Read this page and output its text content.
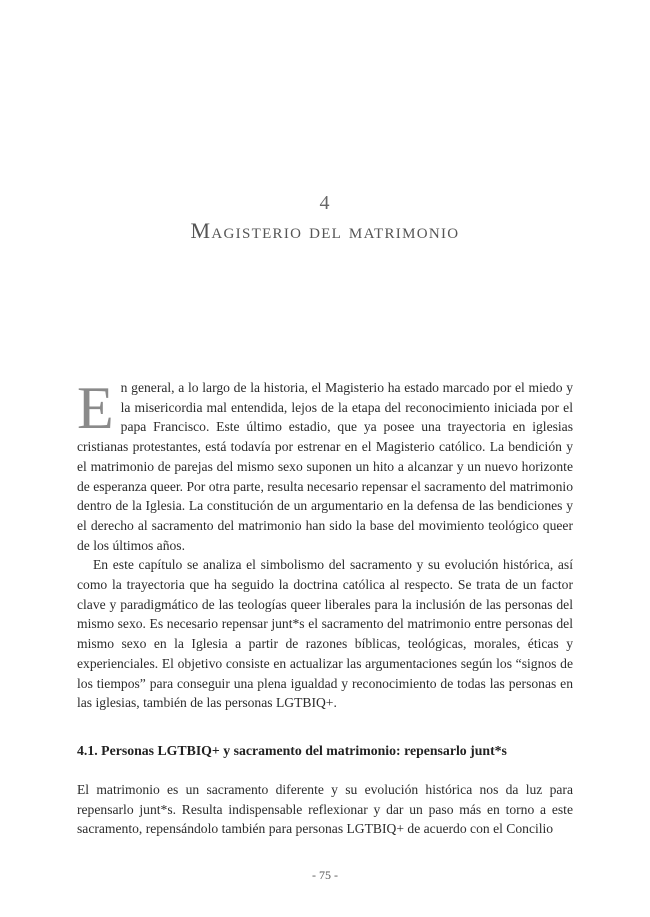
4
Magisterio del matrimonio

En general, a lo largo de la historia, el Magisterio ha estado marcado por el miedo y la misericordia mal entendida, lejos de la etapa del reconocimiento iniciada por el papa Francisco. Este último estadio, que ya posee una trayectoria en iglesias cristianas protestantes, está todavía por estrenar en el Magisterio católico. La bendición y el matrimonio de parejas del mismo sexo suponen un hito a alcanzar y un nuevo horizonte de esperanza queer. Por otra parte, resulta necesario repensar el sacramento del matrimonio dentro de la Iglesia. La constitución de un argumentario en la defensa de las bendiciones y el derecho al sacramento del matrimonio han sido la base del movimiento teológico queer de los últimos años.

En este capítulo se analiza el simbolismo del sacramento y su evolución histórica, así como la trayectoria que ha seguido la doctrina católica al respecto. Se trata de un factor clave y paradigmático de las teologías queer liberales para la inclusión de las personas del mismo sexo. Es necesario repensar junt*s el sacramento del matrimonio entre personas del mismo sexo en la Iglesia a partir de razones bíblicas, teológicas, morales, éticas y experienciales. El objetivo consiste en actualizar las argumentaciones según los “signos de los tiempos” para conseguir una plena igualdad y reconocimiento de todas las personas en las iglesias, también de las personas LGTBIQ+.

4.1. Personas LGTBIQ+ y sacramento del matrimonio: repensarlo junt*s

El matrimonio es un sacramento diferente y su evolución histórica nos da luz para repensarlo junt*s. Resulta indispensable reflexionar y dar un paso más en torno a este sacramento, repensándolo también para personas LGTBIQ+ de acuerdo con el Concilio

- 75 -
